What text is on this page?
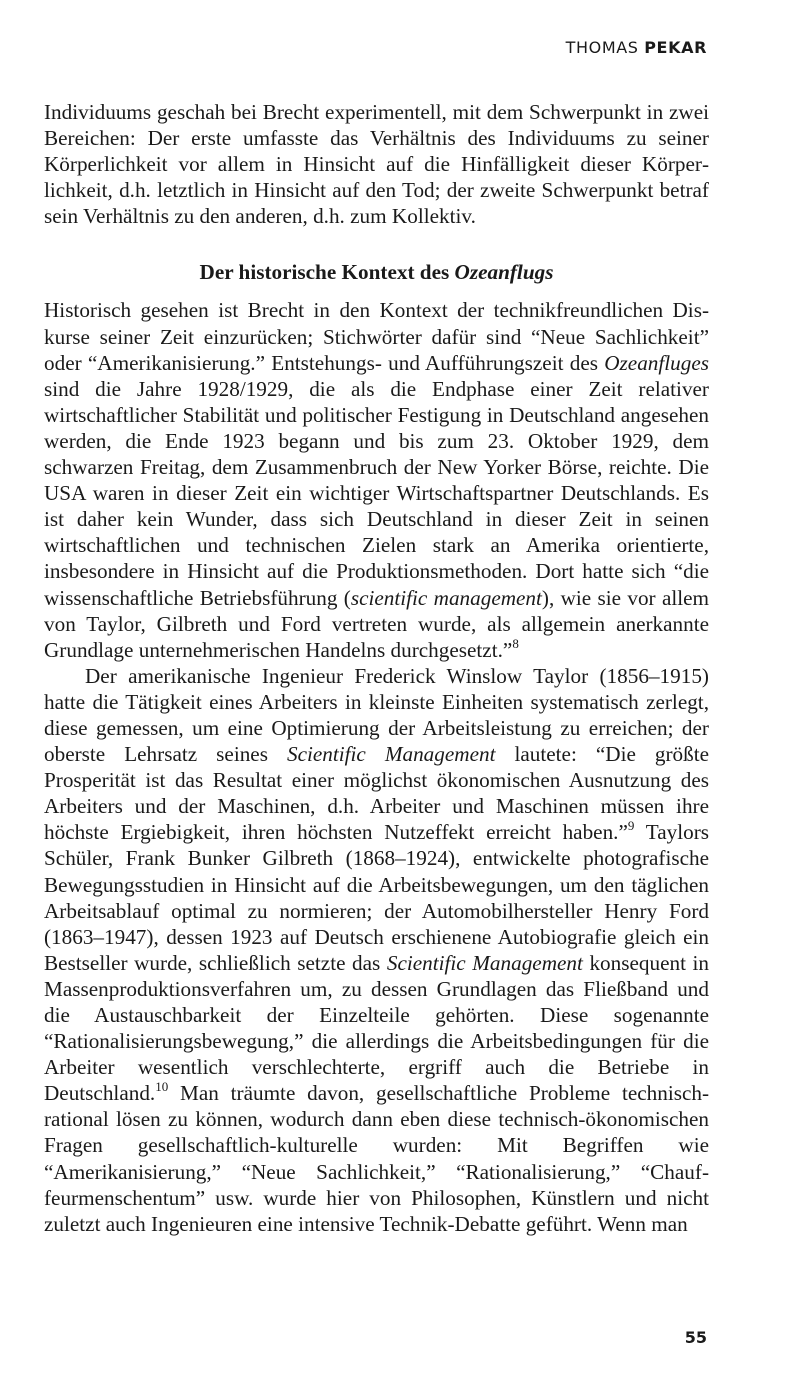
THOMAS PEKAR

Individuums geschah bei Brecht experimentell, mit dem Schwerpunkt in zwei Bereichen: Der erste umfasste das Verhältnis des Individuums zu seiner Körperlichkeit vor allem in Hinsicht auf die Hinfälligkeit dieser Körperlichkeit, d.h. letztlich in Hinsicht auf den Tod; der zweite Schwerpunkt betraf sein Verhältnis zu den anderen, d.h. zum Kollektiv.

Der historische Kontext des Ozeanflugs

Historisch gesehen ist Brecht in den Kontext der technikfreundlichen Diskurse seiner Zeit einzurücken; Stichwörter dafür sind “Neue Sachlichkeit” oder “Amerikanisierung.” Entstehungs- und Aufführungszeit des Ozeanfluges sind die Jahre 1928/1929, die als die Endphase einer Zeit relativer wirtschaftlicher Stabilität und politischer Festigung in Deutschland angesehen werden, die Ende 1923 begann und bis zum 23. Oktober 1929, dem schwarzen Freitag, dem Zusammenbruch der New Yorker Börse, reichte. Die USA waren in dieser Zeit ein wichtiger Wirtschaftspartner Deutschlands. Es ist daher kein Wunder, dass sich Deutschland in dieser Zeit in seinen wirtschaftlichen und technischen Zielen stark an Amerika orientierte, insbesondere in Hinsicht auf die Produktionsmethoden. Dort hatte sich “die wissenschaftliche Betriebsführung (scientific management), wie sie vor allem von Taylor, Gilbreth und Ford vertreten wurde, als allgemein anerkannte Grundlage unternehmerischen Handelns durchgesetzt.”$^8$

Der amerikanische Ingenieur Frederick Winslow Taylor (1856–1915) hatte die Tätigkeit eines Arbeiters in kleinste Einheiten systematisch zerlegt, diese gemessen, um eine Optimierung der Arbeitsleistung zu erreichen; der oberste Lehrsatz seines Scientific Management lautete: “Die größte Prosperität ist das Resultat einer möglichst ökonomischen Ausnutzung des Arbeiters und der Maschinen, d.h. Arbeiter und Maschinen müssen ihre höchste Ergiebigkeit, ihren höchsten Nutzeffekt erreicht haben.”$^9$ Taylors Schüler, Frank Bunker Gilbreth (1868–1924), entwickelte photografische Bewegungsstudien in Hinsicht auf die Arbeitsbewegungen, um den täglichen Arbeitsablauf optimal zu normieren; der Automobilhersteller Henry Ford (1863–1947), dessen 1923 auf Deutsch erschienene Autobiografie gleich ein Bestseller wurde, schließlich setzte das Scientific Management konsequent in Massenproduktionsverfahren um, zu dessen Grundlagen das Fließband und die Austauschbarkeit der Einzelteile gehörten. Diese sogenannte “Rationalisierungsbewegung,” die allerdings die Arbeitsbedingungen für die Arbeiter wesentlich verschlechterte, ergriff auch die Betriebe in Deutschland.$^{10}$ Man träumte davon, gesellschaftliche Probleme technisch-rational lösen zu können, wodurch dann eben diese technisch-ökonomischen Fragen gesellschaftlich-kulturelle wurden: Mit Begriffen wie “Amerikanisierung,” “Neue Sachlichkeit,” “Rationalisierung,” “Chauffeurmenschentum” usw. wurde hier von Philosophen, Künstlern und nicht zuletzt auch Ingenieuren eine intensive Technik-Debatte geführt. Wenn man

55
